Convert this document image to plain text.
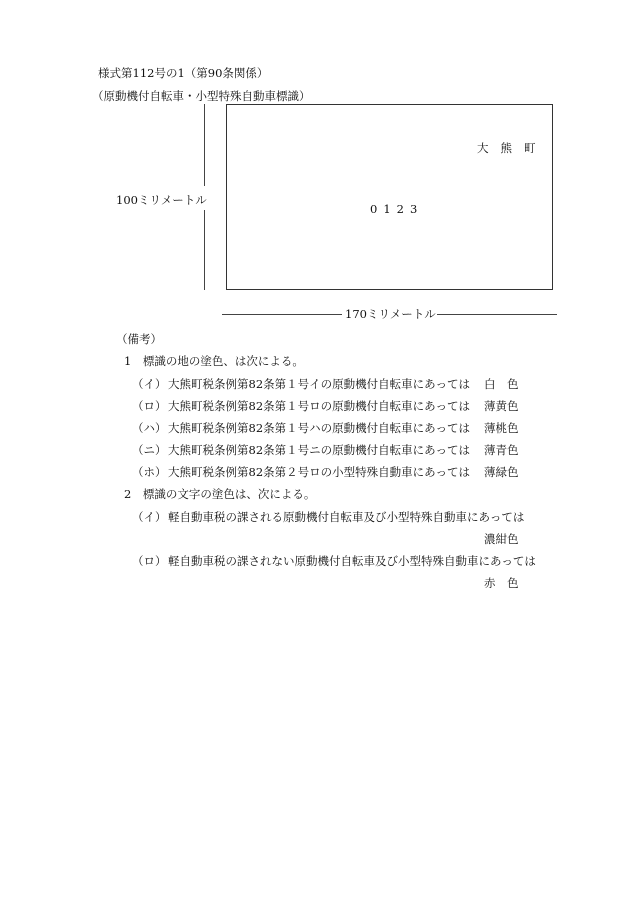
様式第112号の1（第90条関係）
（原動機付自転車・小型特殊自動車標識）
大熊町
0123
100ミリメートル
170ミリメートル
（備考）
1　標識の地の塗色、は次による。
（イ） 大熊町税条例第82条第１号イの原動機付自転車にあっては 白　色
（ロ） 大熊町税条例第82条第１号ロの原動機付自転車にあっては 薄黄色
（ハ） 大熊町税条例第82条第１号ハの原動機付自転車にあっては 薄桃色
（ニ） 大熊町税条例第82条第１号ニの原動機付自転車にあっては 薄青色
（ホ） 大熊町税条例第82条第２号ロの小型特殊自動車にあっては 薄緑色
2　標識の文字の塗色は、次による。
（イ） 軽自動車税の課される原動機付自転車及び小型特殊自動車にあっては
濃紺色
（ロ） 軽自動車税の課されない原動機付自転車及び小型特殊自動車にあっては
赤　色
